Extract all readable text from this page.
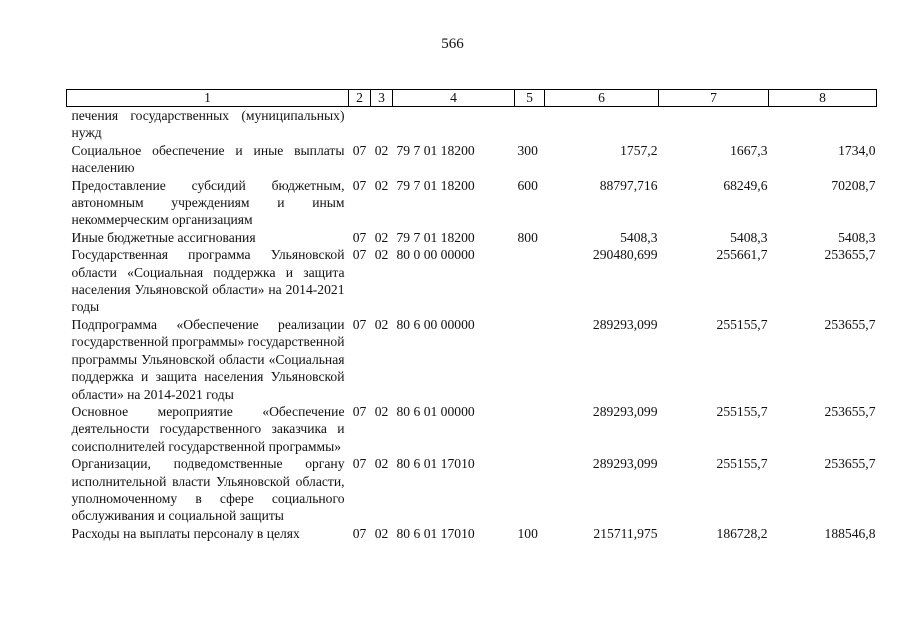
566
1	2	3	4	5	6	7	8
печения государственных (муниципальных) нужд							
Социальное обеспечение и иные выплаты населению	07	02	79 7 01 18200	300	1757,2	1667,3	1734,0
Предоставление субсидий бюджетным, автономным учреждениям и иным некоммерческим организациям	07	02	79 7 01 18200	600	88797,716	68249,6	70208,7
Иные бюджетные ассигнования	07	02	79 7 01 18200	800	5408,3	5408,3	5408,3
Государственная программа Ульяновской области «Социальная поддержка и защита населения Ульяновской области» на 2014-2021 годы	07	02	80 0 00 00000		290480,699	255661,7	253655,7
Подпрограмма «Обеспечение реализации государственной программы» государственной программы Ульяновской области «Социальная поддержка и защита населения Ульяновской области» на 2014-2021 годы	07	02	80 6 00 00000		289293,099	255155,7	253655,7
Основное мероприятие «Обеспечение деятельности государственного заказчика и соисполнителей государственной программы»	07	02	80 6 01 00000		289293,099	255155,7	253655,7
Организации, подведомственные органу исполнительной власти Ульяновской области, уполномоченному в сфере социального обслуживания и социальной защиты	07	02	80 6 01 17010		289293,099	255155,7	253655,7
Расходы на выплаты персоналу в целях	07	02	80 6 01 17010	100	215711,975	186728,2	188546,8
